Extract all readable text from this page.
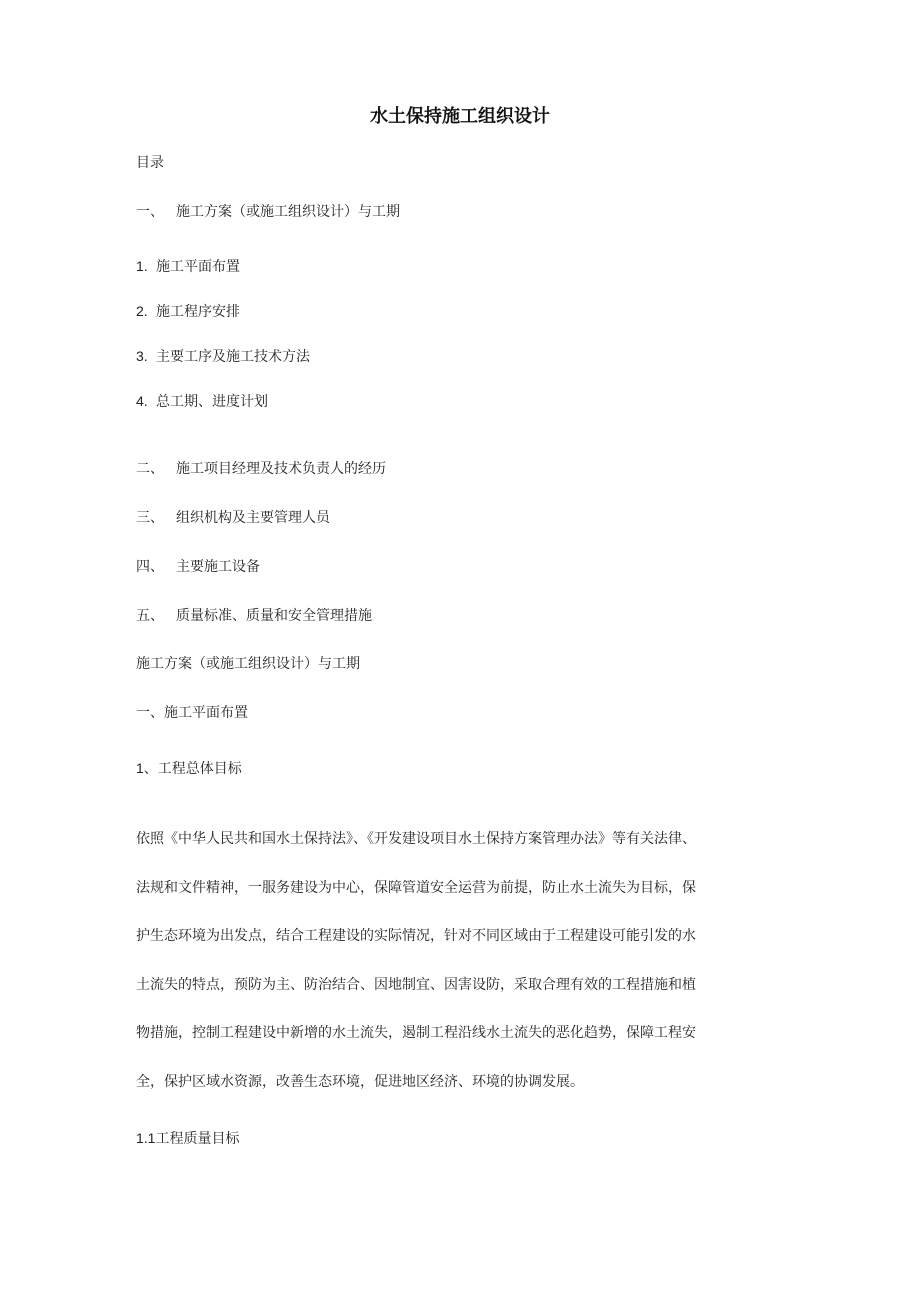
水土保持施工组织设计
目录
一、 施工方案（或施工组织设计）与工期
1. 施工平面布置
2. 施工程序安排
3. 主要工序及施工技术方法
4. 总工期、进度计划
二、 施工项目经理及技术负责人的经历
三、 组织机构及主要管理人员
四、 主要施工设备
五、 质量标准、质量和安全管理措施
施工方案（或施工组织设计）与工期
一、施工平面布置
1、工程总体目标

依照《中华人民共和国水土保持法》、《开发建设项目水土保持方案管理办法》等有关法律、

法规和文件精神，一服务建设为中心，保障管道安全运营为前提，防止水土流失为目标，保

护生态环境为出发点，结合工程建设的实际情况，针对不同区域由于工程建设可能引发的水

土流失的特点，预防为主、防治结合、因地制宜、因害设防，采取合理有效的工程措施和植

物措施，控制工程建设中新增的水土流失，遏制工程沿线水土流失的恶化趋势，保障工程安

全，保护区域水资源，改善生态环境，促进地区经济、环境的协调发展。

1.1工程质量目标
